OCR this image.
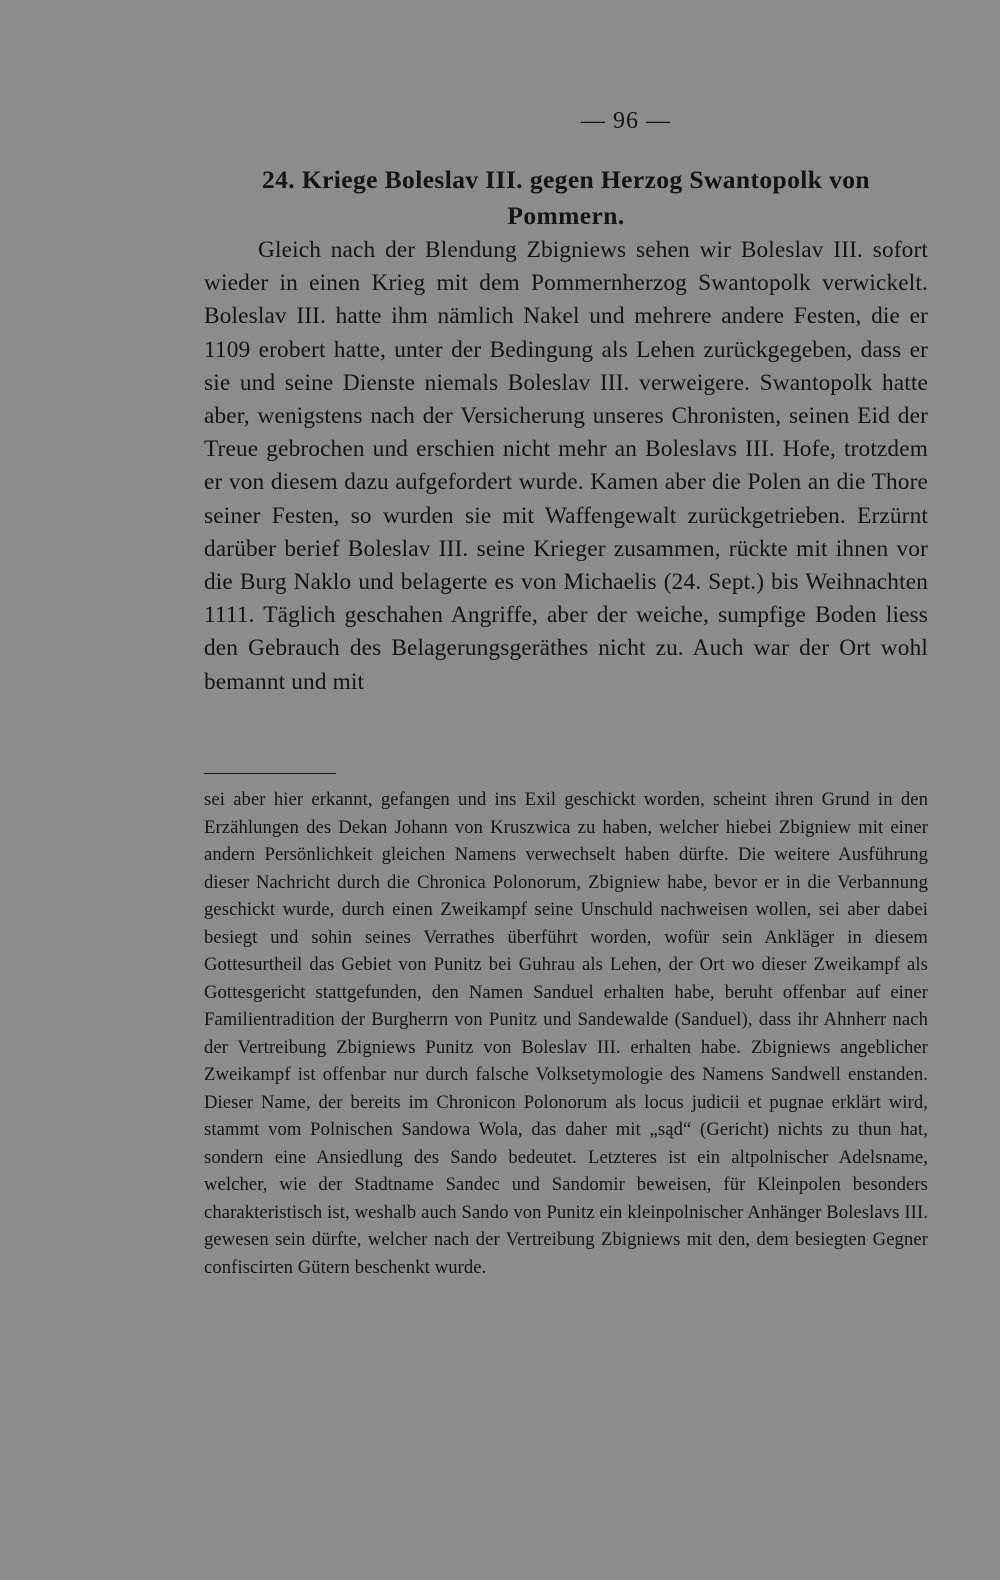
— 96 —
24. Kriege Boleslav III. gegen Herzog Swantopolk von Pommern.

Gleich nach der Blendung Zbigniews sehen wir Boleslav III. sofort wieder in einen Krieg mit dem Pommernherzog Swantopolk verwickelt. Boleslav III. hatte ihm nämlich Nakel und mehrere andere Festen, die er 1109 erobert hatte, unter der Bedingung als Lehen zurückgegeben, dass er sie und seine Dienste niemals Boleslav III. verweigere. Swantopolk hatte aber, wenigstens nach der Versicherung unseres Chronisten, seinen Eid der Treue gebrochen und erschien nicht mehr an Boleslavs III. Hofe, trotzdem er von diesem dazu aufgefordert wurde. Kamen aber die Polen an die Thore seiner Festen, so wurden sie mit Waffengewalt zurückgetrieben. Erzürnt darüber berief Boleslav III. seine Krieger zusammen, rückte mit ihnen vor die Burg Naklo und belagerte es von Michaelis (24. Sept.) bis Weihnachten 1111. Täglich geschahen Angriffe, aber der weiche, sumpfige Boden liess den Gebrauch des Belagerungsgeräthes nicht zu. Auch war der Ort wohl bemannt und mit

sei aber hier erkannt, gefangen und ins Exil geschickt worden, scheint ihren Grund in den Erzählungen des Dekan Johann von Kruszwica zu haben, welcher hiebei Zbigniew mit einer andern Persönlichkeit gleichen Namens verwechselt haben dürfte. Die weitere Ausführung dieser Nachricht durch die Chronica Polonorum, Zbigniew habe, bevor er in die Verbannung geschickt wurde, durch einen Zweikampf seine Unschuld nachweisen wollen, sei aber dabei besiegt und sohin seines Verrathes überführt worden, wofür sein Ankläger in diesem Gottesurtheil das Gebiet von Punitz bei Guhrau als Lehen, der Ort wo dieser Zweikampf als Gottesgericht stattgefunden, den Namen Sanduel erhalten habe, beruht offenbar auf einer Familientradition der Burgherrn von Punitz und Sandewalde (Sanduel), dass ihr Ahnherr nach der Vertreibung Zbigniews Punitz von Boleslav III. erhalten habe. Zbigniews angeblicher Zweikampf ist offenbar nur durch falsche Volksetymologie des Namens Sandwell enstanden. Dieser Name, der bereits im Chronicon Polonorum als locus judicii et pugnae erklärt wird, stammt vom Polnischen Sandowa Wola, das daher mit „sąd“ (Gericht) nichts zu thun hat, sondern eine Ansiedlung des Sando bedeutet. Letzteres ist ein altpolnischer Adelsname, welcher, wie der Stadtname Sandec und Sandomir beweisen, für Kleinpolen besonders charakteristisch ist, weshalb auch Sando von Punitz ein kleinpolnischer Anhänger Boleslavs III. gewesen sein dürfte, welcher nach der Vertreibung Zbigniews mit den, dem besiegten Gegner confiscirten Gütern beschenkt wurde.
